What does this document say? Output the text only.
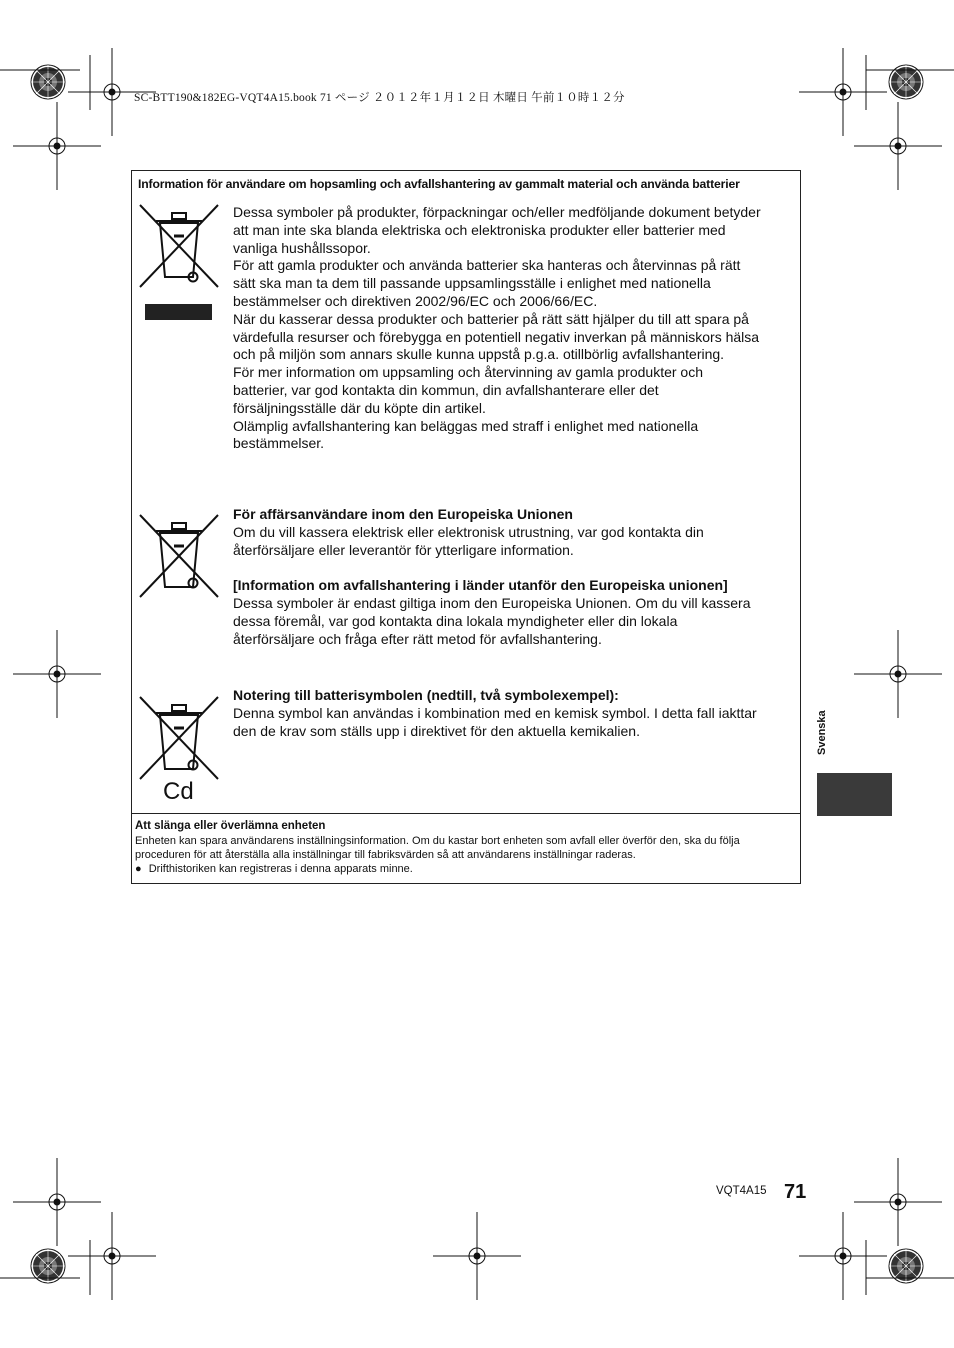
SC-BTT190&182EG-VQT4A15.book 71 ページ ２０１２年１月１２日 木曜日 午前１０時１２分
Information för användare om hopsamling och avfallshantering av gammalt material och använda batterier
Cd
Dessa symboler på produkter, förpackningar och/eller medföljande dokument betyder
att man inte ska blanda elektriska och elektroniska produkter eller batterier med
vanliga hushållssopor.
För att gamla produkter och använda batterier ska hanteras och återvinnas på rätt
sätt ska man ta dem till passande uppsamlingsställe i enlighet med nationella
bestämmelser och direktiven 2002/96/EC och 2006/66/EC.
När du kasserar dessa produkter och batterier på rätt sätt hjälper du till att spara på
värdefulla resurser och förebygga en potentiell negativ inverkan på människors hälsa
och på miljön som annars skulle kunna uppstå p.g.a. otillbörlig avfallshantering.
För mer information om uppsamling och återvinning av gamla produkter och
batterier, var god kontakta din kommun, din avfallshanterare eller det
försäljningsställe där du köpte din artikel.
Olämplig avfallshantering kan beläggas med straff i enlighet med nationella
bestämmelser.
För affärsanvändare inom den Europeiska Unionen
Om du vill kassera elektrisk eller elektronisk utrustning, var god kontakta din
återförsäljare eller leverantör för ytterligare information.

[Information om avfallshantering i länder utanför den Europeiska unionen]
Dessa symboler är endast giltiga inom den Europeiska Unionen. Om du vill kassera
dessa föremål, var god kontakta dina lokala myndigheter eller din lokala
återförsäljare och fråga efter rätt metod för avfallshantering.
Notering till batterisymbolen (nedtill, två symbolexempel):
Denna symbol kan användas i kombination med en kemisk symbol. I detta fall iakttar
den de krav som ställs upp i direktivet för den aktuella kemikalien.
Att slänga eller överlämna enheten
Enheten kan spara användarens inställningsinformation. Om du kastar bort enheten som avfall eller överför den, ska du följa proceduren för att återställa alla inställningar till fabriksvärden så att användarens inställningar raderas.
● Drifthistoriken kan registreras i denna apparats minne.
Svenska
VQT4A15 71
